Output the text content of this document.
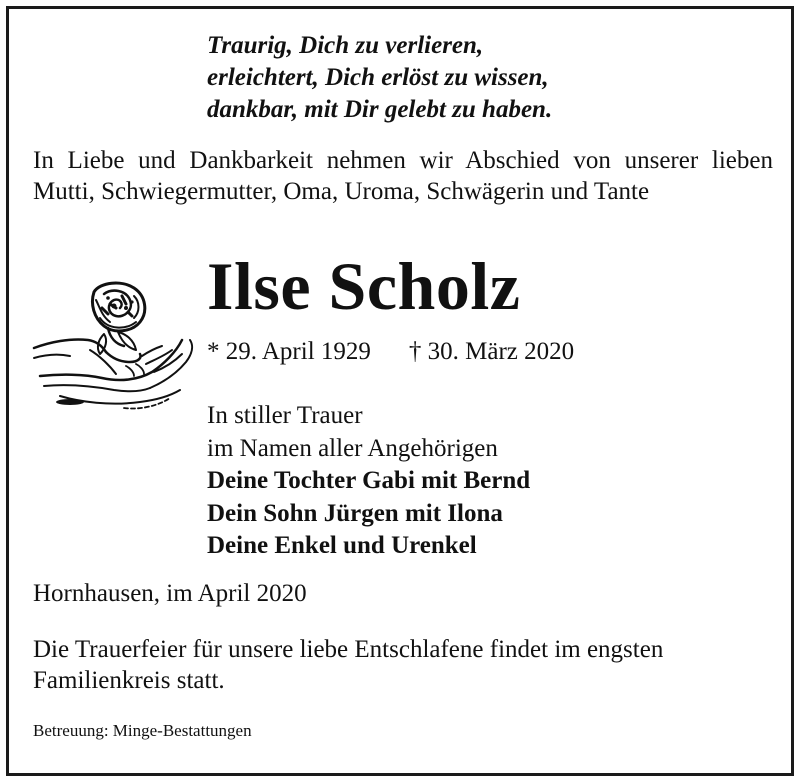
Traurig, Dich zu verlieren,
erleichtert, Dich erlöst zu wissen,
dankbar, mit Dir gelebt zu haben.

In Liebe und Dankbarkeit nehmen wir Abschied von unserer lieben Mutti, Schwiegermutter, Oma, Uroma, Schwägerin und Tante

Ilse Scholz
* 29. April 1929 † 30. März 2020
In stiller Trauer
im Namen aller Angehörigen
Deine Tochter Gabi mit Bernd
Dein Sohn Jürgen mit Ilona
Deine Enkel und Urenkel
Hornhausen, im April 2020

Die Trauerfeier für unsere liebe Entschlafene findet im engsten Familienkreis statt.

Betreuung: Minge-Bestattungen
